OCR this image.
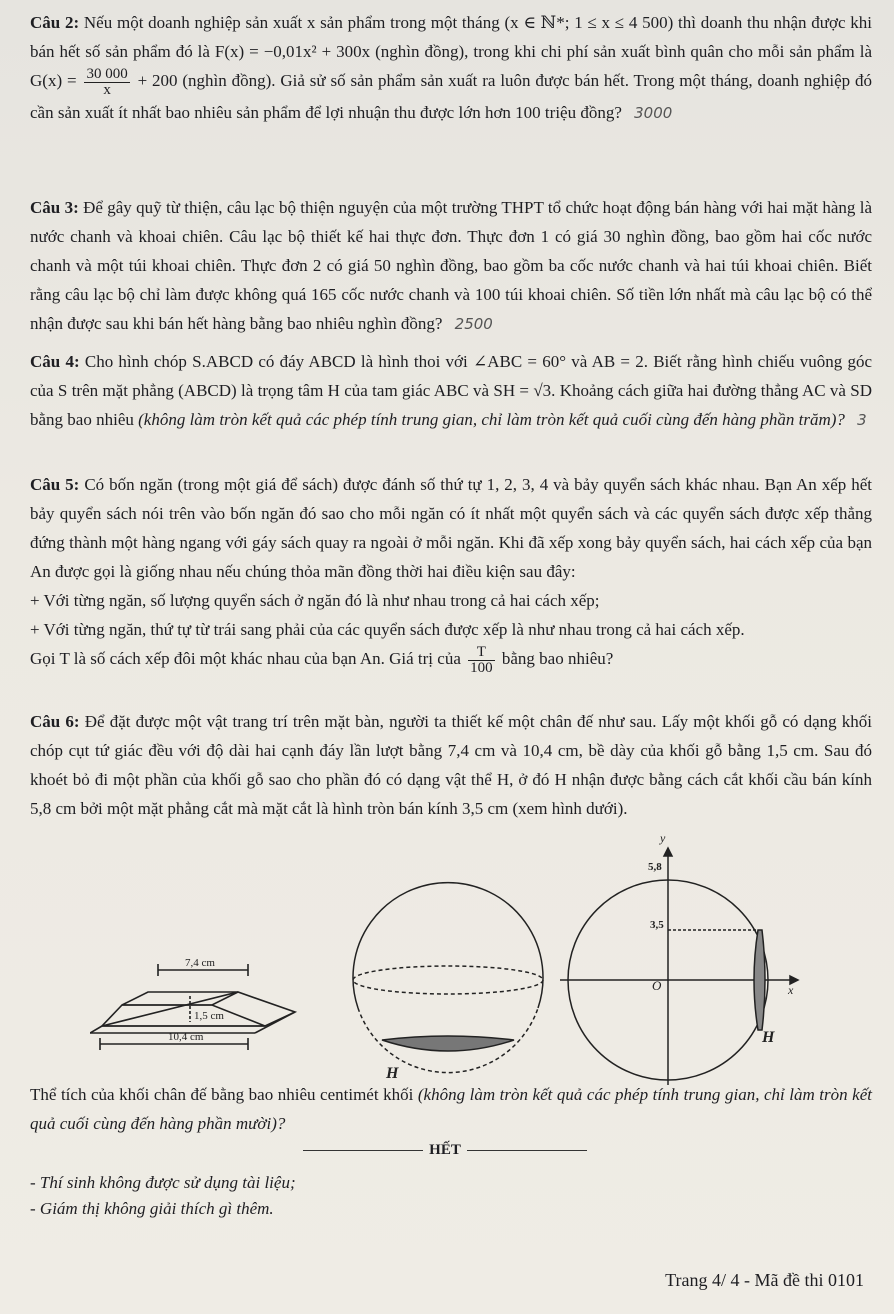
Câu 2: Nếu một doanh nghiệp sản xuất x sản phẩm trong một tháng (x ∈ ℕ*; 1 ≤ x ≤ 4 500) thì doanh thu nhận được khi bán hết số sản phẩm đó là F(x) = −0,01x² + 300x (nghìn đồng), trong khi chi phí sản xuất bình quân cho mỗi sản phẩm là $G(x) = \frac{30 000}{x} + 200$ (nghìn đồng). Giả sử số sản phẩm sản xuất ra luôn được bán hết. Trong một tháng, doanh nghiệp đó cần sản xuất ít nhất bao nhiêu sản phẩm để lợi nhuận thu được lớn hơn 100 triệu đồng? 3000

Câu 3: Để gây quỹ từ thiện, câu lạc bộ thiện nguyện của một trường THPT tổ chức hoạt động bán hàng với hai mặt hàng là nước chanh và khoai chiên. Câu lạc bộ thiết kế hai thực đơn. Thực đơn 1 có giá 30 nghìn đồng, bao gồm hai cốc nước chanh và một túi khoai chiên. Thực đơn 2 có giá 50 nghìn đồng, bao gồm ba cốc nước chanh và hai túi khoai chiên. Biết rằng câu lạc bộ chỉ làm được không quá 165 cốc nước chanh và 100 túi khoai chiên. Số tiền lớn nhất mà câu lạc bộ có thể nhận được sau khi bán hết hàng bằng bao nhiêu nghìn đồng? 2500

Câu 4: Cho hình chóp S.ABCD có đáy ABCD là hình thoi với ∠ABC = 60° và AB = 2. Biết rằng hình chiếu vuông góc của S trên mặt phẳng (ABCD) là trọng tâm H của tam giác ABC và SH = √3. Khoảng cách giữa hai đường thẳng AC và SD bằng bao nhiêu (không làm tròn kết quả các phép tính trung gian, chỉ làm tròn kết quả cuối cùng đến hàng phần trăm)? 3

Câu 5: Có bốn ngăn (trong một giá để sách) được đánh số thứ tự 1, 2, 3, 4 và bảy quyển sách khác nhau. Bạn An xếp hết bảy quyển sách nói trên vào bốn ngăn đó sao cho mỗi ngăn có ít nhất một quyển sách và các quyển sách được xếp thẳng đứng thành một hàng ngang với gáy sách quay ra ngoài ở mỗi ngăn. Khi đã xếp xong bảy quyển sách, hai cách xếp của bạn An được gọi là giống nhau nếu chúng thỏa mãn đồng thời hai điều kiện sau đây:

+ Với từng ngăn, số lượng quyển sách ở ngăn đó là như nhau trong cả hai cách xếp;

+ Với từng ngăn, thứ tự từ trái sang phải của các quyển sách được xếp là như nhau trong cả hai cách xếp.

Gọi T là số cách xếp đôi một khác nhau của bạn An. Giá trị của $\frac{T}{100}$ bằng bao nhiêu?

Câu 6: Để đặt được một vật trang trí trên mặt bàn, người ta thiết kế một chân đế như sau. Lấy một khối gỗ có dạng khối chóp cụt tứ giác đều với độ dài hai cạnh đáy lần lượt bằng 7,4 cm và 10,4 cm, bề dày của khối gỗ bằng 1,5 cm. Sau đó khoét bỏ đi một phần của khối gỗ sao cho phần đó có dạng vật thể H, ở đó H nhận được bằng cách cắt khối cầu bán kính 5,8 cm bởi một mặt phẳng cắt mà mặt cắt là hình tròn bán kính 3,5 cm (xem hình dưới).

7,4 cm
1,5 cm
10,4 cm
H
y
5,8
3,5
O	x
H

Thể tích của khối chân đế bằng bao nhiêu centimét khối (không làm tròn kết quả các phép tính trung gian, chỉ làm tròn kết quả cuối cùng đến hàng phần mười)?

HẾT
- Thí sinh không được sử dụng tài liệu;
- Giám thị không giải thích gì thêm.
Trang 4/ 4 - Mã đề thi 0101
